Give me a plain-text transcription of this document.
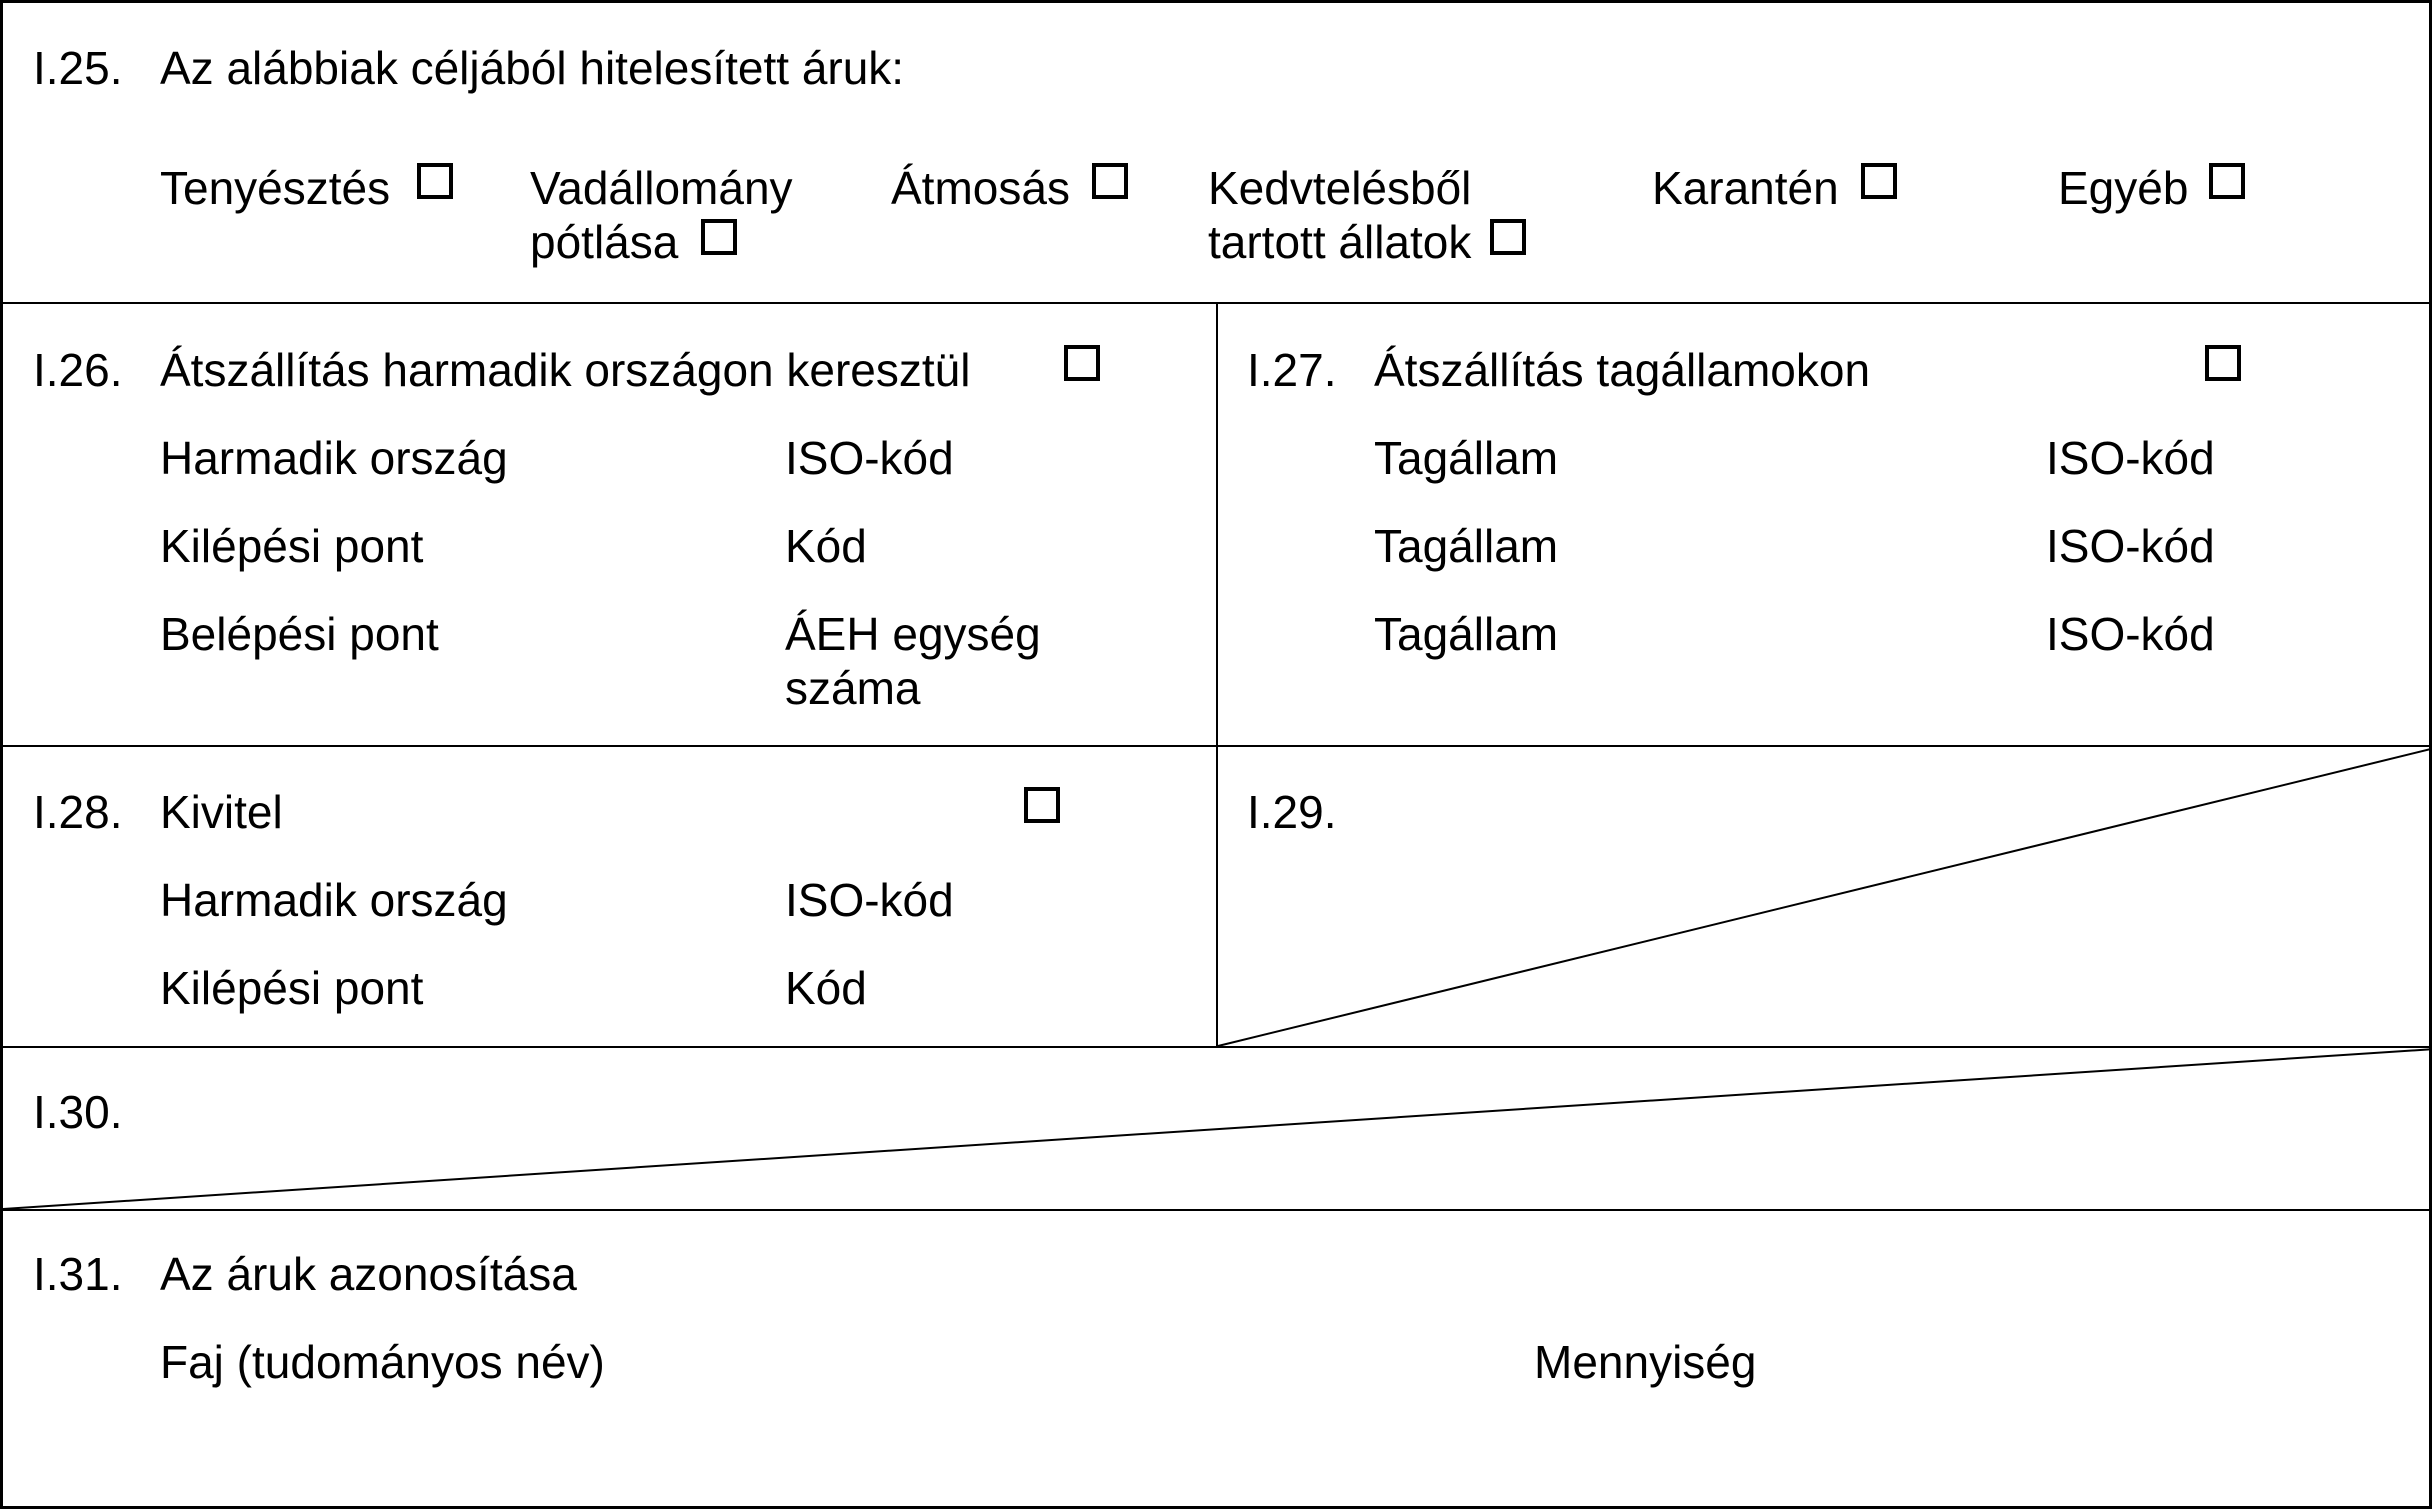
I.25. Az alábbiak céljából hitelesített áruk:
Tenyésztés	Vadállomány
pótlása
Átmosás	Kedvtelésből
tartott állatok
Karantén	Egyéb
I.26. Átszállítás harmadik országon keresztül
Harmadik ország	ISO-kód
Kilépési pont	Kód
Belépési pont	ÁEH egység
száma
I.27. Átszállítás tagállamokon
Tagállam	ISO-kód
Tagállam	ISO-kód
Tagállam	ISO-kód
I.28. Kivitel
Harmadik ország	ISO-kód
Kilépési pont	Kód
I.29.
I.30.
I.31. Az áruk azonosítása
Faj (tudományos név)	Mennyiség
